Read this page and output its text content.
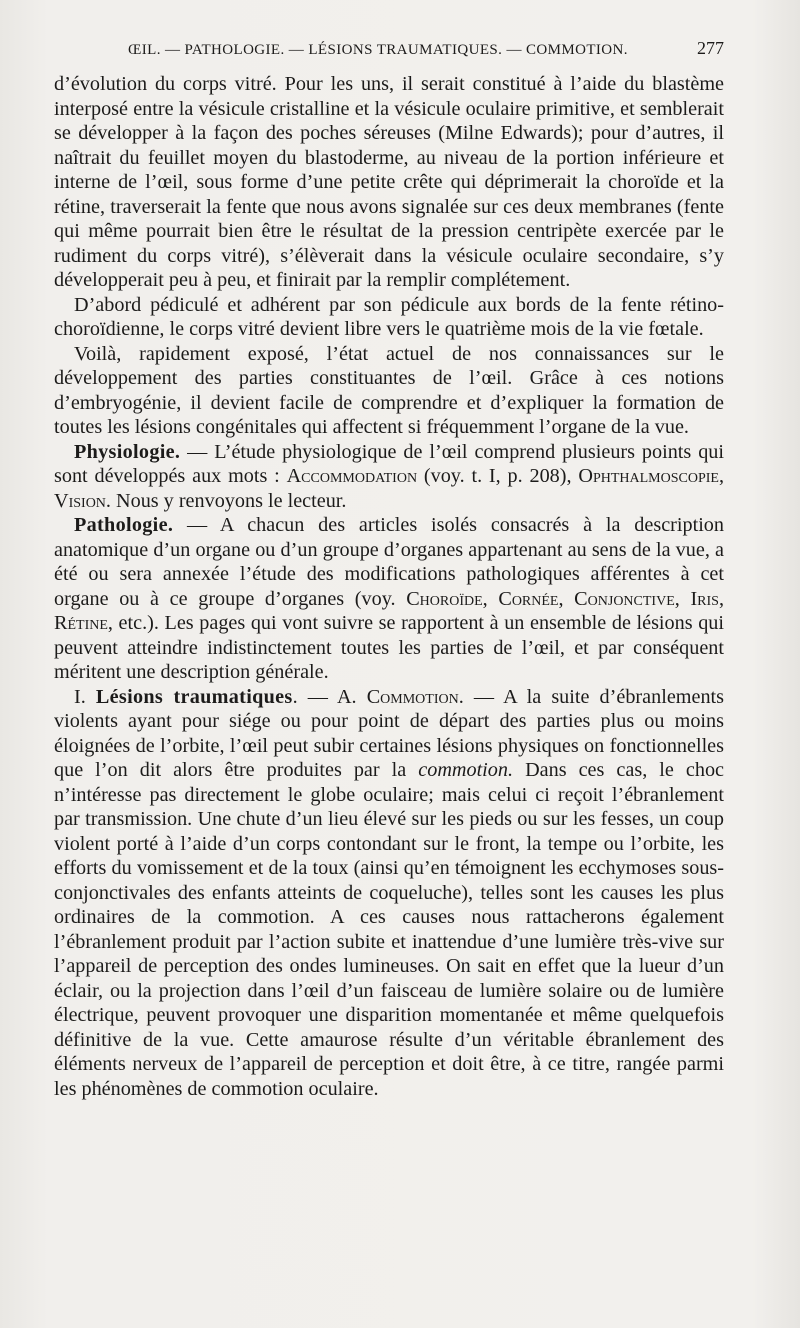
ŒIL. — PATHOLOGIE. — LÉSIONS TRAUMATIQUES. — COMMOTION.	277

d’évolution du corps vitré. Pour les uns, il serait constitué à l’aide du blastème interposé entre la vésicule cristalline et la vésicule oculaire primitive, et semblerait se développer à la façon des poches séreuses (Milne Edwards); pour d’autres, il naîtrait du feuillet moyen du blastoderme, au niveau de la portion inférieure et interne de l’œil, sous forme d’une petite crête qui déprimerait la choroïde et la rétine, traverserait la fente que nous avons signalée sur ces deux membranes (fente qui même pourrait bien être le résultat de la pression centripète exercée par le rudiment du corps vitré), s’élèverait dans la vésicule oculaire secondaire, s’y développerait peu à peu, et finirait par la remplir complétement.

D’abord pédiculé et adhérent par son pédicule aux bords de la fente rétino-choroïdienne, le corps vitré devient libre vers le quatrième mois de la vie fœtale.

Voilà, rapidement exposé, l’état actuel de nos connaissances sur le développement des parties constituantes de l’œil. Grâce à ces notions d’embryogénie, il devient facile de comprendre et d’expliquer la formation de toutes les lésions congénitales qui affectent si fréquemment l’organe de la vue.

Physiologie. — L’étude physiologique de l’œil comprend plusieurs points qui sont développés aux mots : Accommodation (voy. t. I, p. 208), Ophthalmoscopie, Vision. Nous y renvoyons le lecteur.

Pathologie. — A chacun des articles isolés consacrés à la description anatomique d’un organe ou d’un groupe d’organes appartenant au sens de la vue, a été ou sera annexée l’étude des modifications pathologiques afférentes à cet organe ou à ce groupe d’organes (voy. Choroïde, Cornée, Conjonctive, Iris, Rétine, etc.). Les pages qui vont suivre se rapportent à un ensemble de lésions qui peuvent atteindre indistinctement toutes les parties de l’œil, et par conséquent méritent une description générale.

I. Lésions traumatiques. — A. Commotion. — A la suite d’ébranlements violents ayant pour siége ou pour point de départ des parties plus ou moins éloignées de l’orbite, l’œil peut subir certaines lésions physiques on fonctionnelles que l’on dit alors être produites par la commotion. Dans ces cas, le choc n’intéresse pas directement le globe oculaire; mais celui ci reçoit l’ébranlement par transmission. Une chute d’un lieu élevé sur les pieds ou sur les fesses, un coup violent porté à l’aide d’un corps contondant sur le front, la tempe ou l’orbite, les efforts du vomissement et de la toux (ainsi qu’en témoignent les ecchymoses sous-conjonctivales des enfants atteints de coqueluche), telles sont les causes les plus ordinaires de la commotion. A ces causes nous rattacherons également l’ébranlement produit par l’action subite et inattendue d’une lumière très-vive sur l’appareil de perception des ondes lumineuses. On sait en effet que la lueur d’un éclair, ou la projection dans l’œil d’un faisceau de lumière solaire ou de lumière électrique, peuvent provoquer une disparition momentanée et même quelquefois définitive de la vue. Cette amaurose résulte d’un véritable ébranlement des éléments nerveux de l’appareil de perception et doit être, à ce titre, rangée parmi les phénomènes de commotion oculaire.
